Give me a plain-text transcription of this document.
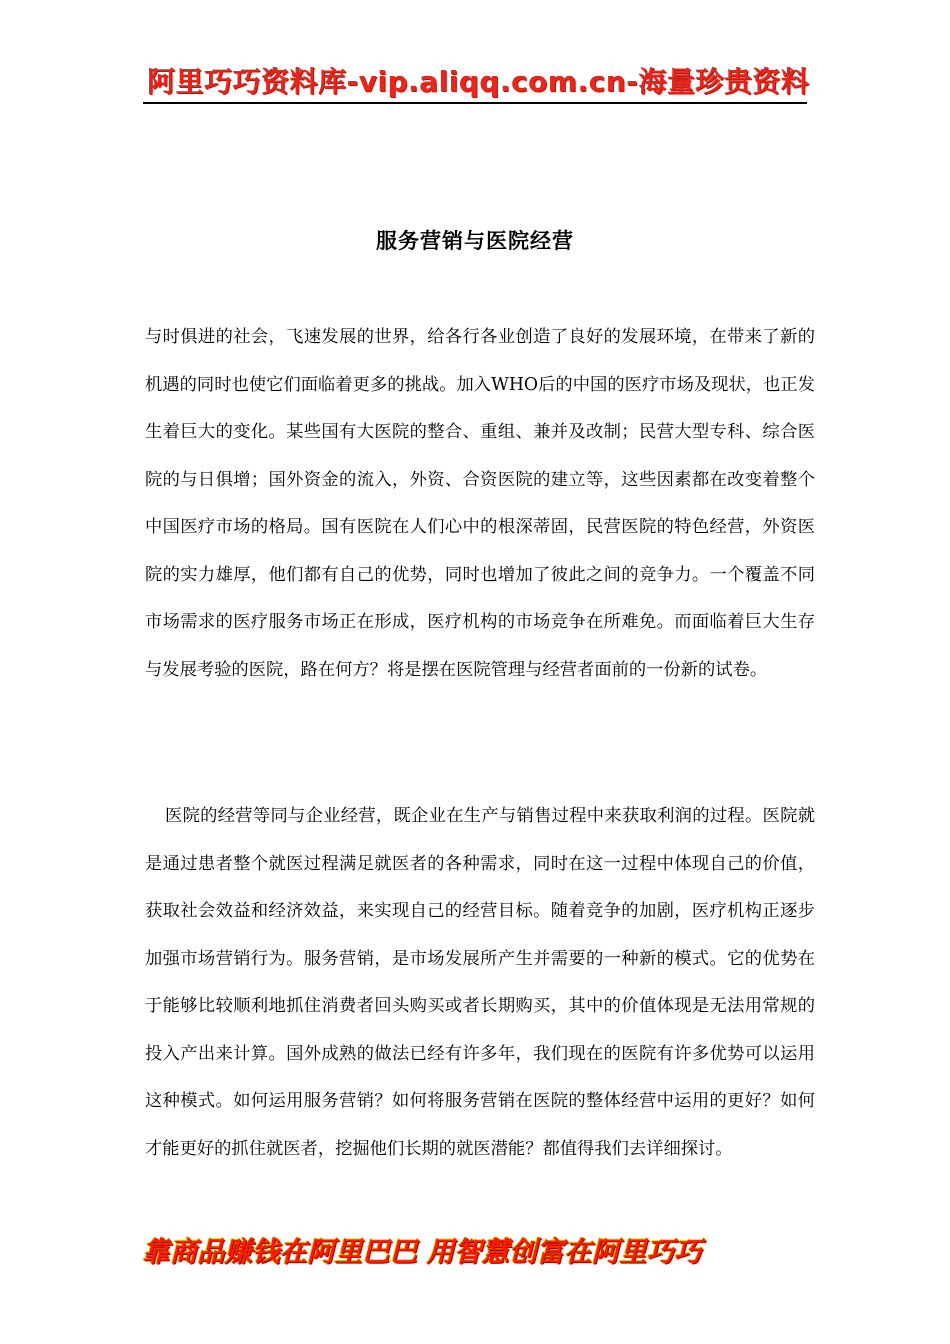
阿里巧巧资料库-vip.aliqq.com.cn-海量珍贵资料
服务营销与医院经营

与时俱进的社会，飞速发展的世界，给各行各业创造了良好的发展环境，在带来了新的机遇的同时也使它们面临着更多的挑战。加入WHO后的中国的医疗市场及现状，也正发生着巨大的变化。某些国有大医院的整合、重组、兼并及改制；民营大型专科、综合医院的与日俱增；国外资金的流入，外资、合资医院的建立等，这些因素都在改变着整个中国医疗市场的格局。国有医院在人们心中的根深蒂固，民营医院的特色经营，外资医院的实力雄厚，他们都有自己的优势，同时也增加了彼此之间的竞争力。一个覆盖不同市场需求的医疗服务市场正在形成，医疗机构的市场竞争在所难免。而面临着巨大生存与发展考验的医院，路在何方？将是摆在医院管理与经营者面前的一份新的试卷。

医院的经营等同与企业经营，既企业在生产与销售过程中来获取利润的过程。医院就是通过患者整个就医过程满足就医者的各种需求，同时在这一过程中体现自己的价值，获取社会效益和经济效益，来实现自己的经营目标。随着竞争的加剧，医疗机构正逐步加强市场营销行为。服务营销，是市场发展所产生并需要的一种新的模式。它的优势在于能够比较顺利地抓住消费者回头购买或者长期购买，其中的价值体现是无法用常规的投入产出来计算。国外成熟的做法已经有许多年，我们现在的医院有许多优势可以运用这种模式。如何运用服务营销？如何将服务营销在医院的整体经营中运用的更好？如何才能更好的抓住就医者，挖掘他们长期的就医潜能？都值得我们去详细探讨。

靠商品赚钱在阿里巴巴 用智慧创富在阿里巧巧
